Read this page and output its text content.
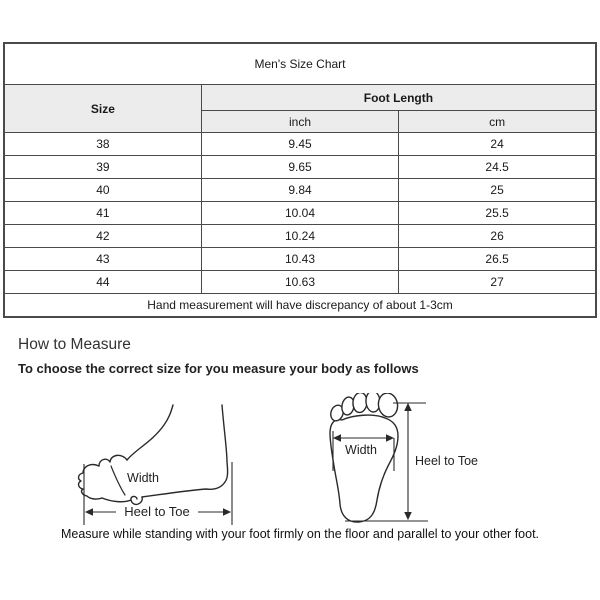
Men's Size Chart		
Size	Foot Length	
	inch	cm
38	9.45	24
39	9.65	24.5
40	9.84	25
41	10.04	25.5
42	10.24	26
43	10.43	26.5
44	10.63	27
Hand measurement will have discrepancy of about 1-3cm		
How to Measure

To choose the correct size for you measure your body as follows

Width
Heel to Toe
Width
Heel to Toe

Measure while standing with your foot firmly on the floor and parallel to your other foot.
